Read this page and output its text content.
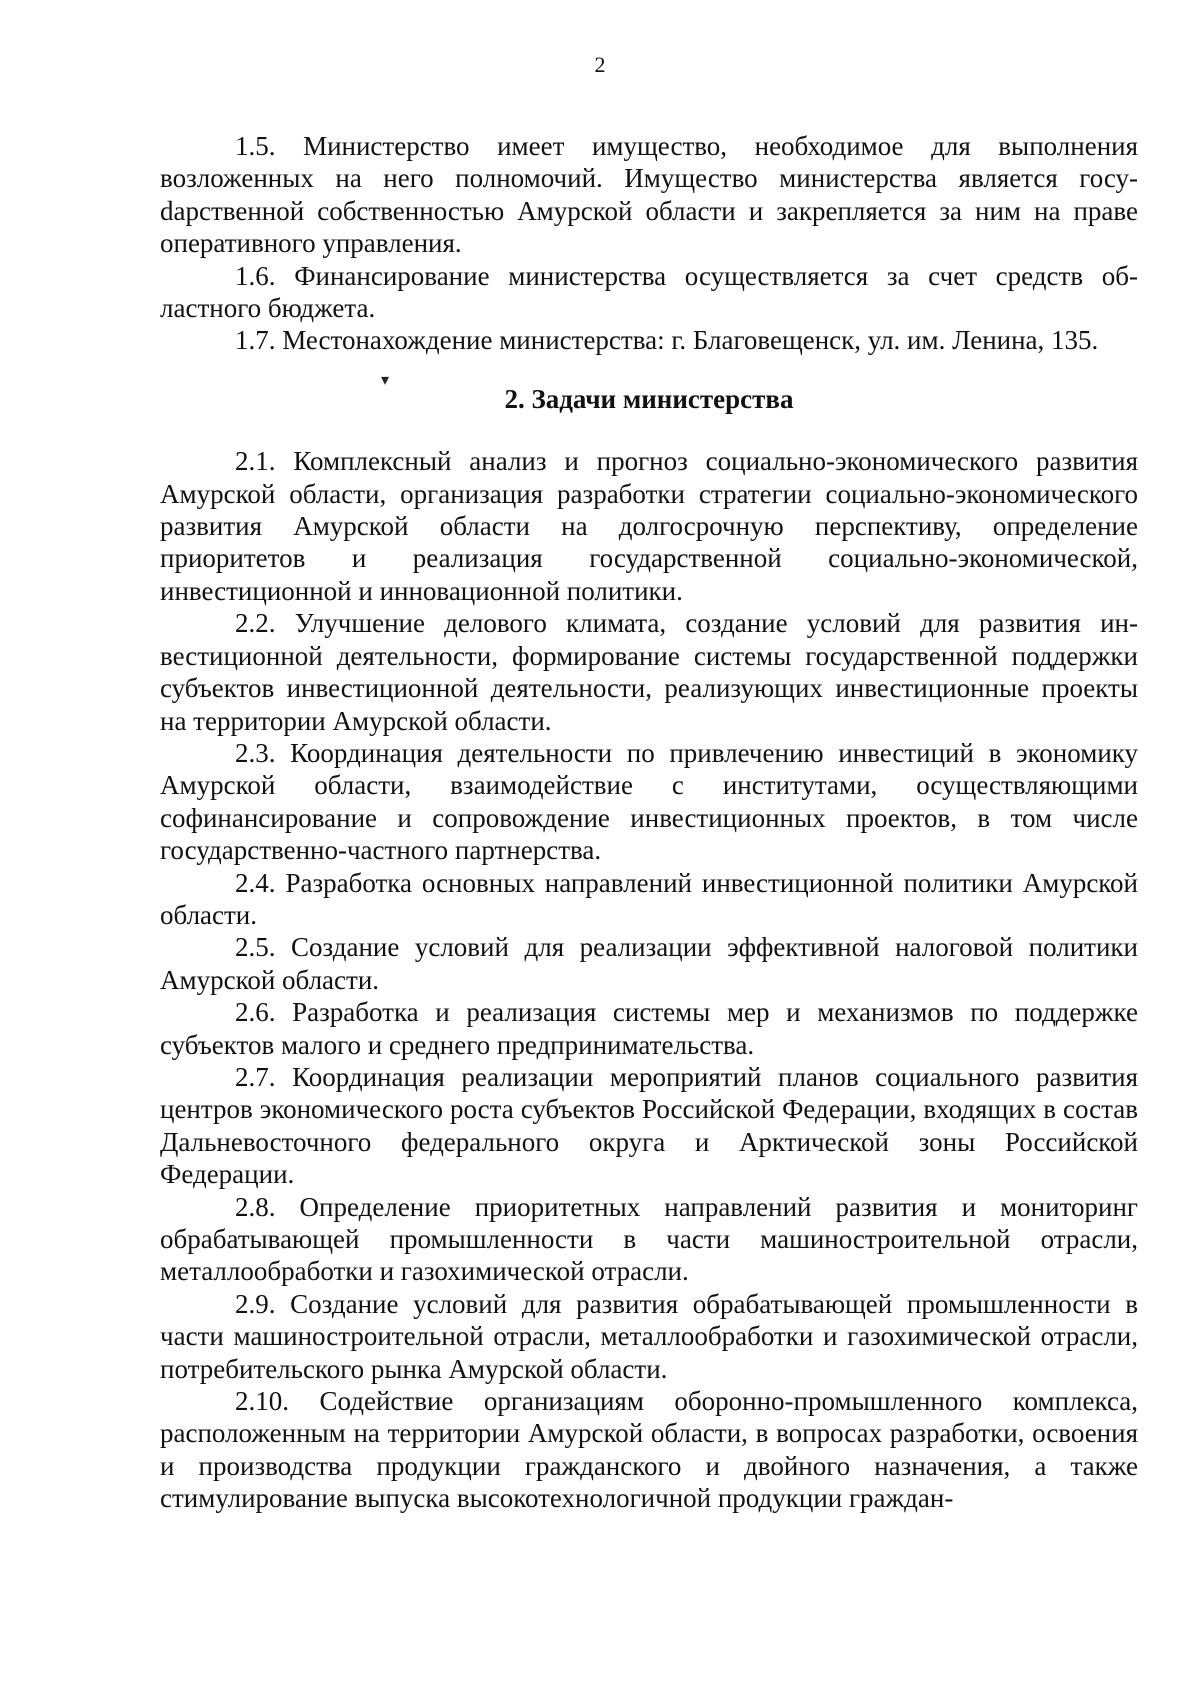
2
▾

1.5. Министерство имеет имущество, необходимое для выполнения возложенных на него полномочий. Имущество министерства является госуdарственной собственностью Амурской области и закрепляется за ним на праве оперативного управления.

1.6. Финансирование министерства осуществляется за счет средств областного бюджета.

1.7. Местонахождение министерства: г. Благовещенск, ул. им. Ленина, 135.

2. Задачи министерства

2.1. Комплексный анализ и прогноз социально-экономического развития Амурской области, организация разработки стратегии социально-экономического развития Амурской области на долгосрочную перспективу, определение приоритетов и реализация государственной социально-экономической, инвестиционной и инновационной политики.

2.2. Улучшение делового климата, создание условий для развития инвестиционной деятельности, формирование системы государственной поддержки субъектов инвестиционной деятельности, реализующих инвестиционные проекты на территории Амурской области.

2.3. Координация деятельности по привлечению инвестиций в экономику Амурской области, взаимодействие с институтами, осуществляющими софинансирование и сопровождение инвестиционных проектов, в том числе государственно-частного партнерства.

2.4. Разработка основных направлений инвестиционной политики Амурской области.

2.5. Создание условий для реализации эффективной налоговой политики Амурской области.

2.6. Разработка и реализация системы мер и механизмов по поддержке субъектов малого и среднего предпринимательства.

2.7. Координация реализации мероприятий планов социального развития центров экономического роста субъектов Российской Федерации, входящих в состав Дальневосточного федерального округа и Арктической зоны Российской Федерации.

2.8. Определение приоритетных направлений развития и мониторинг обрабатывающей промышленности в части машиностроительной отрасли, металлообработки и газохимической отрасли.

2.9. Создание условий для развития обрабатывающей промышленности в части машиностроительной отрасли, металлообработки и газохимической отрасли, потребительского рынка Амурской области.

2.10. Содействие организациям оборонно-промышленного комплекса, расположенным на территории Амурской области, в вопросах разработки, освоения и производства продукции гражданского и двойного назначения, а также стимулирование выпуска высокотехнологичной продукции граждан-
